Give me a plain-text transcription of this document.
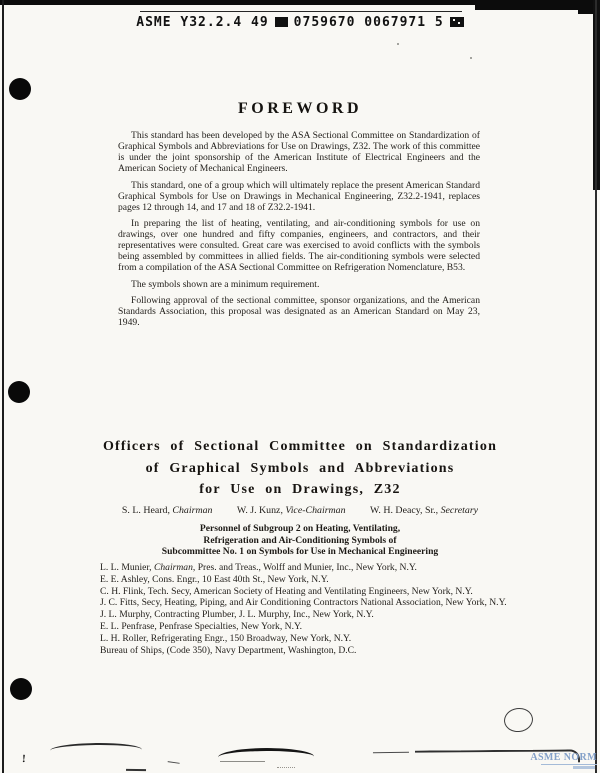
ASME Y32.2.4 49 0759670 0067971 5
FOREWORD

This standard has been developed by the ASA Sectional Committee on Standardization of Graphical Symbols and Abbreviations for Use on Drawings, Z32. The work of this committee is under the joint sponsorship of the American Institute of Electrical Engineers and the American Society of Mechanical Engineers.

This standard, one of a group which will ultimately replace the present American Standard Graphical Symbols for Use on Drawings in Mechanical Engineering, Z32.2-1941, replaces pages 12 through 14, and 17 and 18 of Z32.2-1941.

In preparing the list of heating, ventilating, and air-conditioning symbols for use on drawings, over one hundred and fifty companies, engineers, and contractors, and their representatives were consulted. Great care was exercised to avoid conflicts with the symbols being assembled by committees in allied fields. The air-conditioning symbols were selected from a compilation of the ASA Sectional Committee on Refrigeration Nomenclature, B53.

The symbols shown are a minimum requirement.

Following approval of the sectional committee, sponsor organizations, and the American Standards Association, this proposal was designated as an American Standard on May 23, 1949.

Officers of Sectional Committee on Standardization
of Graphical Symbols and Abbreviations
for Use on Drawings, Z32
S. L. Heard, Chairman W. J. Kunz, Vice-Chairman W. H. Deacy, Sr., Secretary
Personnel of Subgroup 2 on Heating, Ventilating,
Refrigeration and Air-Conditioning Symbols of
Subcommittee No. 1 on Symbols for Use in Mechanical Engineering
L. L. Munier, Chairman, Pres. and Treas., Wolff and Munier, Inc., New York, N.Y.
E. E. Ashley, Cons. Engr., 10 East 40th St., New York, N.Y.
C. H. Flink, Tech. Secy, American Society of Heating and Ventilating Engineers, New York, N.Y.
J. C. Fitts, Secy, Heating, Piping, and Air Conditioning Contractors National Association, New York, N.Y.
J. L. Murphy, Contracting Plumber, J. L. Murphy, Inc., New York, N.Y.
E. L. Penfrase, Penfrase Specialties, New York, N.Y.
L. H. Roller, Refrigerating Engr., 150 Broadway, New York, N.Y.
Bureau of Ships, (Code 350), Navy Department, Washington, D.C.
!	ASME NORM
